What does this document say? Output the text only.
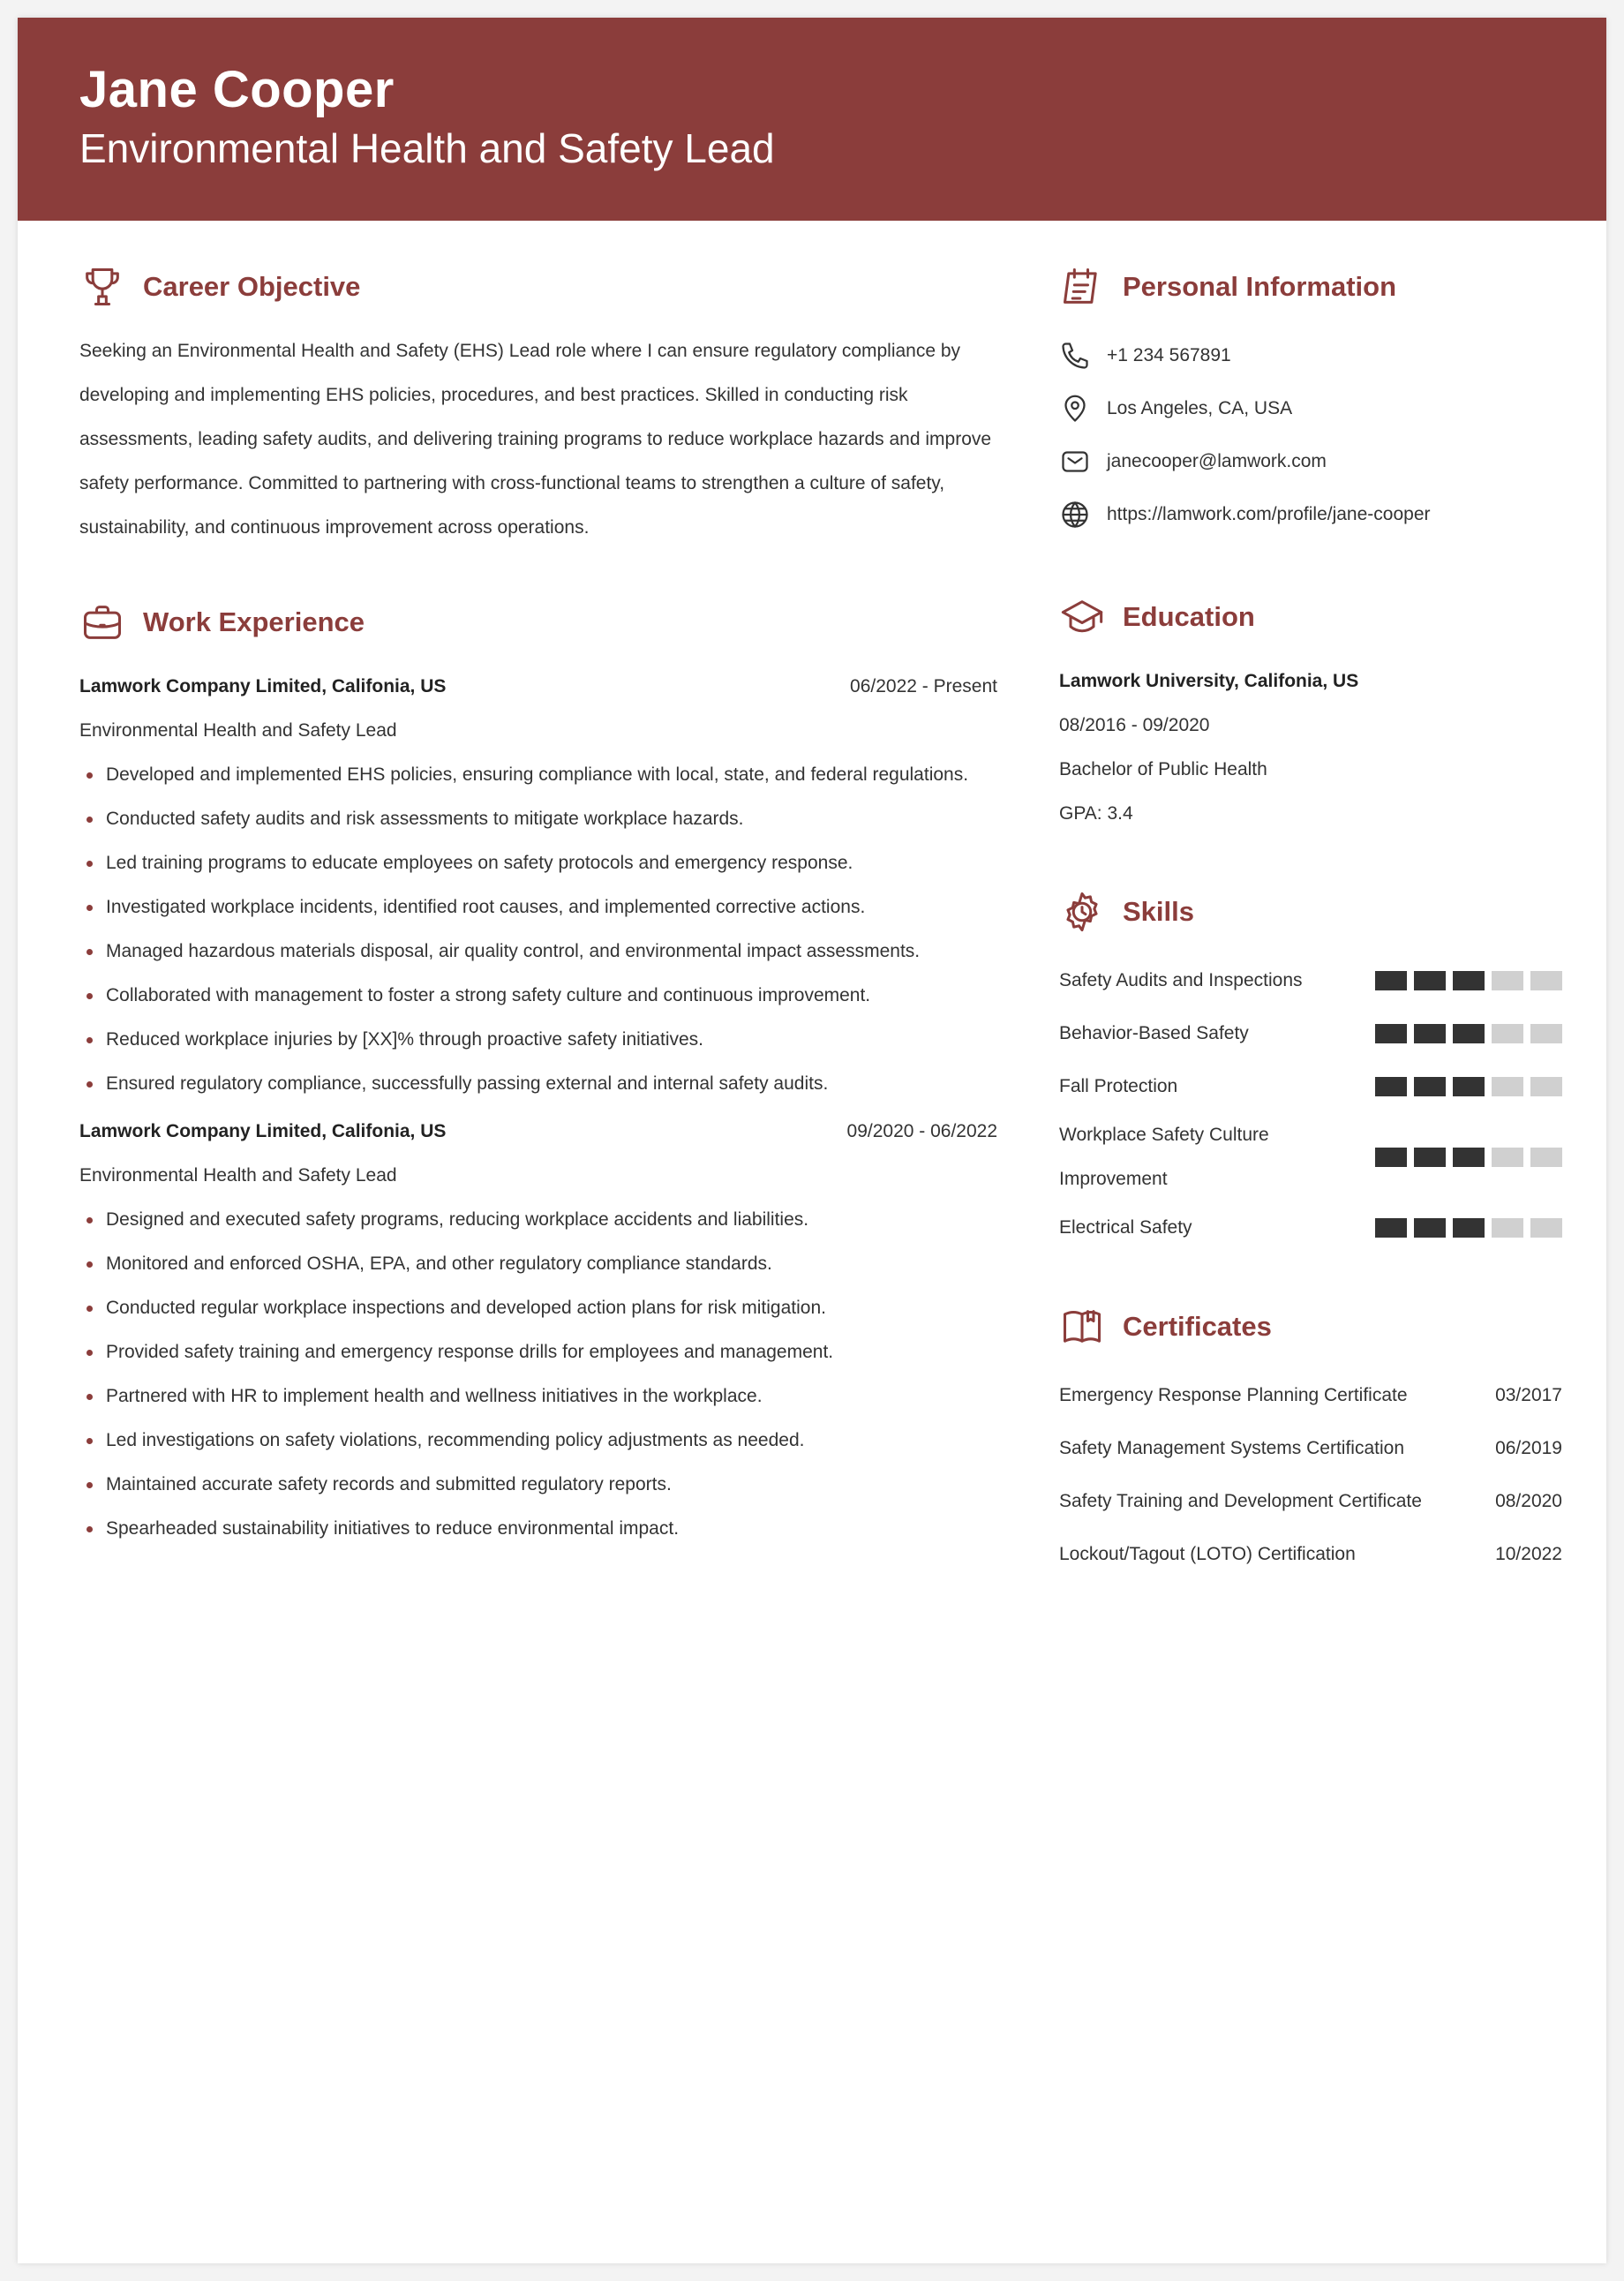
Jane Cooper
Environmental Health and Safety Lead
Career Objective
Seeking an Environmental Health and Safety (EHS) Lead role where I can ensure regulatory compliance by developing and implementing EHS policies, procedures, and best practices. Skilled in conducting risk assessments, leading safety audits, and delivering training programs to reduce workplace hazards and improve safety performance. Committed to partnering with cross-functional teams to strengthen a culture of safety, sustainability, and continuous improvement across operations.
Work Experience
Lamwork Company Limited, Califonia, US	06/2022 - Present
Environmental Health and Safety Lead
Developed and implemented EHS policies, ensuring compliance with local, state, and federal regulations.
Conducted safety audits and risk assessments to mitigate workplace hazards.
Led training programs to educate employees on safety protocols and emergency response.
Investigated workplace incidents, identified root causes, and implemented corrective actions.
Managed hazardous materials disposal, air quality control, and environmental impact assessments.
Collaborated with management to foster a strong safety culture and continuous improvement.
Reduced workplace injuries by [XX]% through proactive safety initiatives.
Ensured regulatory compliance, successfully passing external and internal safety audits.
Lamwork Company Limited, Califonia, US	09/2020 - 06/2022
Environmental Health and Safety Lead
Designed and executed safety programs, reducing workplace accidents and liabilities.
Monitored and enforced OSHA, EPA, and other regulatory compliance standards.
Conducted regular workplace inspections and developed action plans for risk mitigation.
Provided safety training and emergency response drills for employees and management.
Partnered with HR to implement health and wellness initiatives in the workplace.
Led investigations on safety violations, recommending policy adjustments as needed.
Maintained accurate safety records and submitted regulatory reports.
Spearheaded sustainability initiatives to reduce environmental impact.
Personal Information
+1 234 567891
Los Angeles, CA, USA
janecooper@lamwork.com
https://lamwork.com/profile/jane-cooper
Education
Lamwork University, Califonia, US
08/2016 - 09/2020
Bachelor of Public Health
GPA: 3.4
Skills
Safety Audits and Inspections
Behavior-Based Safety
Fall Protection
Workplace Safety Culture Improvement
Electrical Safety
Certificates
Emergency Response Planning Certificate	03/2017
Safety Management Systems Certification	06/2019
Safety Training and Development Certificate	08/2020
Lockout/Tagout (LOTO) Certification	10/2022
